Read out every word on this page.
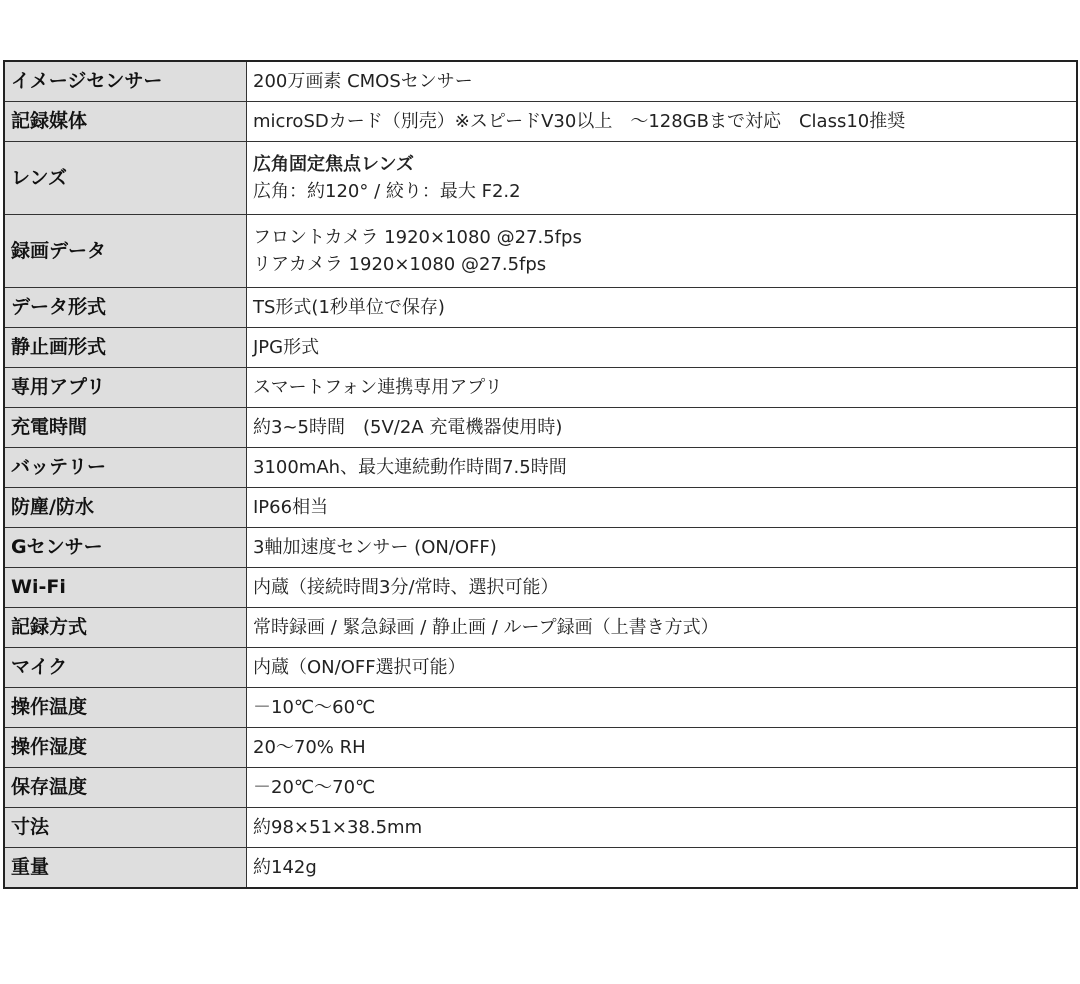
イメージセンサー	200万画素 CMOSセンサー

記録媒体	microSDカード（別売）※スピードV30以上　～128GBまで対応　Class10推奨

レンズ	広角固定焦点レンズ
広角：約120° / 絞り：最大 F2.2

録画データ	フロントカメラ 1920×1080 @27.5fps
リアカメラ 1920×1080 @27.5fps

データ形式	TS形式(1秒単位で保存)

静止画形式	JPG形式

専用アプリ	スマートフォン連携専用アプリ

充電時間	約3~5時間　(5V/2A 充電機器使用時)

バッテリー	3100mAh、最大連続動作時間7.5時間

防塵/防水	IP66相当

Gセンサー	3軸加速度センサー (ON/OFF)

Wi-Fi	内蔵（接続時間3分/常時、選択可能）

記録方式	常時録画 / 緊急録画 / 静止画 / ループ録画（上書き方式）

マイク	内蔵（ON/OFF選択可能）

操作温度	－10℃～60℃

操作湿度	20～70% RH

保存温度	－20℃～70℃

寸法	約98×51×38.5mm

重量	約142g
